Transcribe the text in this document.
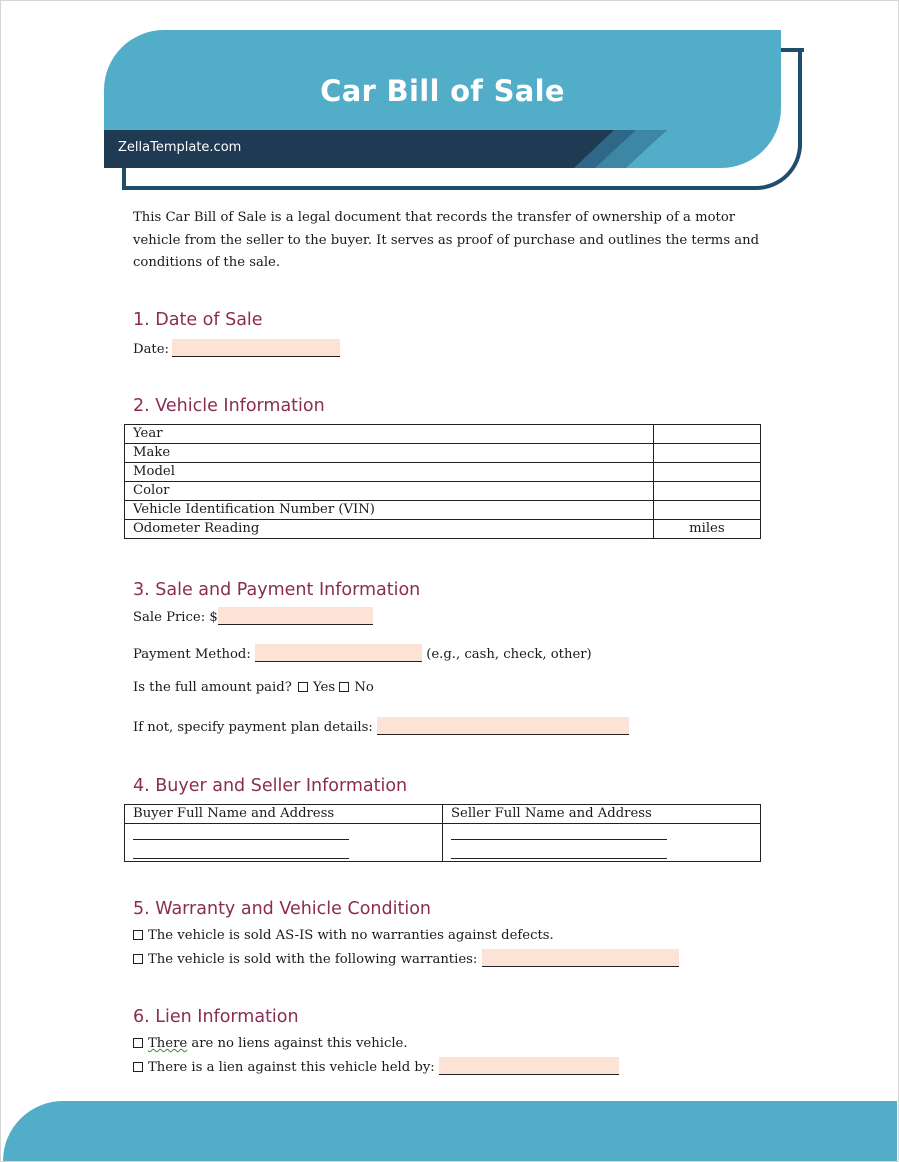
Car Bill of Sale
ZellaTemplate.com
This Car Bill of Sale is a legal document that records the transfer of ownership of a motor vehicle from the seller to the buyer. It serves as proof of purchase and outlines the terms and conditions of the sale.
1. Date of Sale
Date:
2. Vehicle Information
Year	
Make	
Model	
Color	
Vehicle Identification Number (VIN)	
Odometer Reading	miles
3. Sale and Payment Information
Sale Price: $
Payment Method:	(e.g., cash, check, other)
Is the full amount paid? Yes No
If not, specify payment plan details:
4. Buyer and Seller Information
Buyer Full Name and Address	Seller Full Name and Address

5. Warranty and Vehicle Condition
The vehicle is sold AS-IS with no warranties against defects.
The vehicle is sold with the following warranties:
6. Lien Information
There are no liens against this vehicle.
There is a lien against this vehicle held by:
